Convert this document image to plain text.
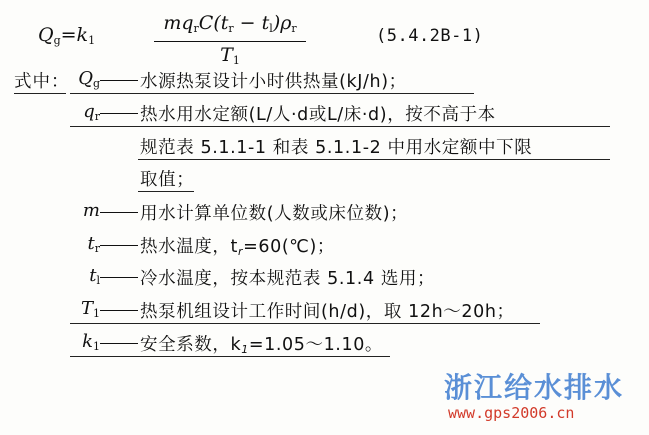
$Q_g=k_1$
$mq_rC(t_r - t_l)\rho_r$
$T_1$
(5.4.2B-1)
式中： $Q_g$ 水源热泵设计小时供热量(kJ/h)；
$q_r$ 热水用水定额(L/人·d或L/床·d)，按不高于本
规范表 5.1.1-1 和表 5.1.1-2 中用水定额中下限
取值；
m 用水计算单位数(人数或床位数)；
$t_r$ 热水温度，$t_r=60(℃)$；
$t_l$ 冷水温度，按本规范表 5.1.4 选用；
$T_1$ 热泵机组设计工作时间(h/d)，取 12h～20h；
$k_1$ 安全系数，$k_1=1.05\sim 1.10$。
浙江给水排水
www.gps2006.cn
